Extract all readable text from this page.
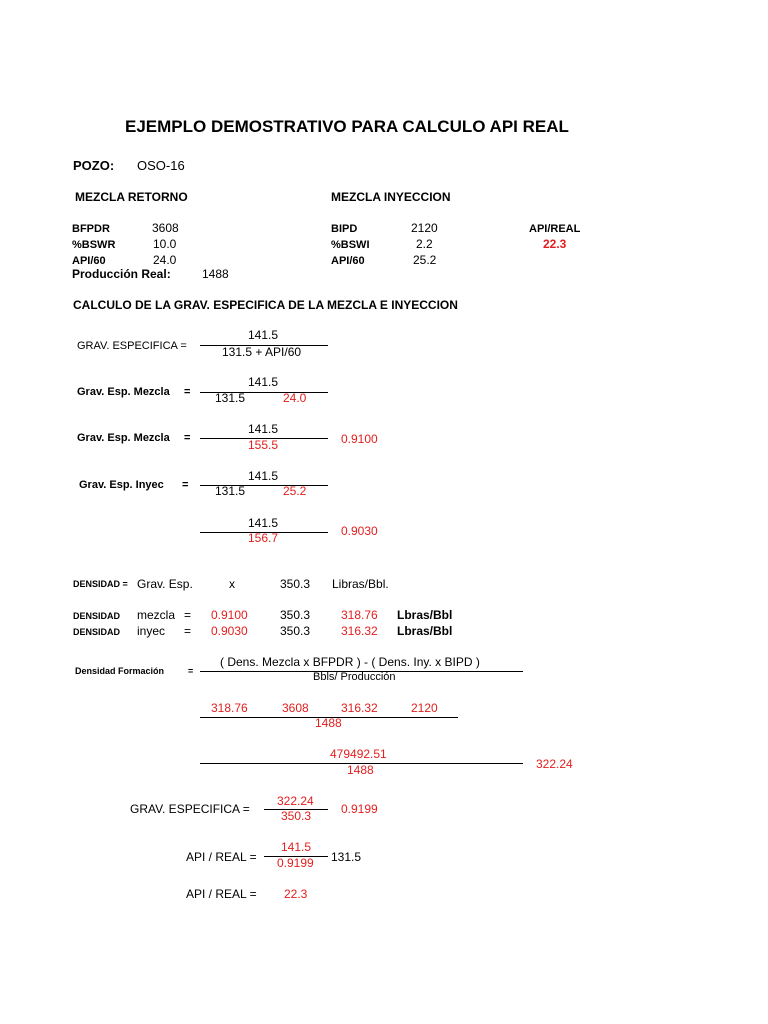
EJEMPLO DEMOSTRATIVO PARA CALCULO API REAL
POZO: OSO-16
MEZCLA RETORNO	MEZCLA INYECCION
BFPDR	3608
%BSWR	10.0
API/60	24.0
Producción Real:	1488
BIPD	2120
%BSWI	2.2
API/60	25.2
API/REAL
22.3
CALCULO DE LA GRAV. ESPECIFICA DE LA MEZCLA E INYECCION
GRAV. ESPECIFICA =
141.5
131.5 + API/60
Grav. Esp. Mezcla =
141.5
131.5	24.0
Grav. Esp. Mezcla =
141.5
155.5	0.9100
Grav. Esp. Inyec =
141.5
131.5	25.2
141.5
156.7	0.9030
DENSIDAD = Grav. Esp.	x	350.3 Libras/Bbl.
DENSIDAD mezcla = 0.9100	350.3	318.76 Lbras/Bbl
DENSIDAD inyec = 0.9030	350.3	316.32 Lbras/Bbl
Densidad Formación	=
( Dens. Mezcla x BFPDR ) - ( Dens. Iny. x BIPD )
Bbls/ Producción
318.76	3608	316.32	2120
1488
479492.51
1488	322.24
GRAV. ESPECIFICA =
322.24
350.3 0.9199
API / REAL =
141.5
0.9199 131.5
API / REAL = 22.3
